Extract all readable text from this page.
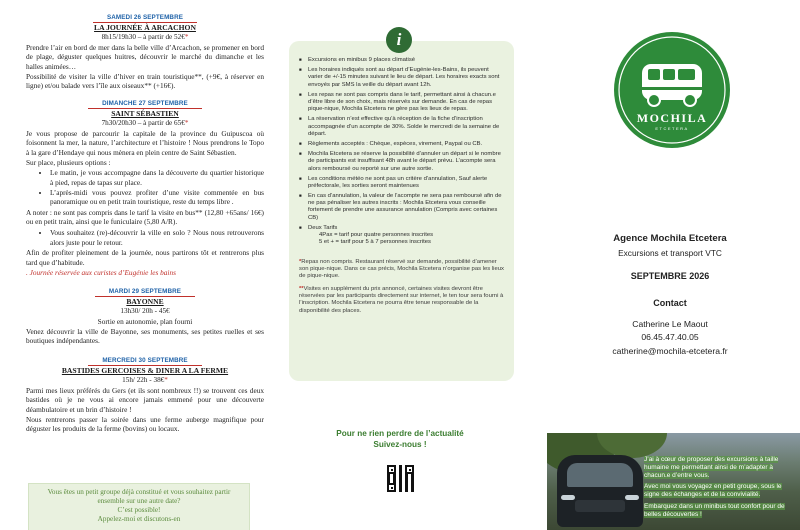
SAMEDI 26 SEPTEMBRE
LA JOURNÉE À ARCACHON
8h15/19h30 – à partir de 52€*

Prendre l’air en bord de mer dans la belle ville d’Arcachon, se promener en bord de plage, déguster quelques huitres, découvrir le marché du dimanche et les halles animées…

Possibilité de visiter la ville d’hiver en train touristique**, (+9€, à réserver en ligne) et/ou balade vers l’île aux oiseaux** (+16€).

DIMANCHE 27 SEPTEMBRE
SAINT SÉBASTIEN
7h30/20h30 – à partir de 65€*

Je vous propose de parcourir la capitale de la province du Guipuscoa où foisonnent la mer, la nature, l’architecture et l’histoire ! Nous prendrons le Topo à la gare d’Hendaye qui nous mènera en plein centre de Saint Sébastien.

Sur place, plusieurs options :

• Le matin, je vous accompagne dans la découverte du quartier historique à pied, repas de tapas sur place.
• L’après-midi vous pouvez profiter d’une visite commentée en bus panoramique ou en petit train touristique, reste du temps libre .

A noter : ne sont pas compris dans le tarif la visite en bus** (12,80 +65ans/ 16€) ou en petit train, ainsi que le funiculaire (5,80 A/R).

• Vous souhaitez (re)-découvrir la ville en solo ? Nous nous retrouverons alors juste pour le retour.

Afin de profiter pleinement de la journée, nous partirons tôt et rentrerons plus tard que d’habitude.

. Journée réservée aux curistes d’Eugénie les bains

MARDI 29 SEPTEMBRE
BAYONNE
13h30/ 20h - 45€

Sortie en autonomie, plan fourni

Venez découvrir la ville de Bayonne, ses monuments, ses petites ruelles et ses boutiques indépendantes.

MERCREDI 30 SEPTEMBRE
BASTIDES GERCOISES & DINER A LA FERME
15h/ 22h - 38€*

Parmi mes lieux préférés du Gers (et ils sont nombreux !!) se trouvent ces deux bastides où je ne vous ai encore jamais emmené pour une découverte déambulatoire et un brin d’histoire !

Nous rentrerons passer la soirée dans une ferme auberge magnifique pour déguster les produits de la ferme (bovins) ou locaux.

Vous êtes un petit groupe déjà constitué et vous souhaitez partir
ensemble sur une autre date?
C’est possible!
Appelez-moi et discutons-en
i
■ Excursions en minibus 9 places climatisé
■ Les horaires indiqués sont au départ d’Eugénie-les-Bains, ils peuvent varier de +/-15 minutes suivant le lieu de départ. Les horaires exacts sont envoyés par SMS la veille du départ avant 12h.
■ Les repas ne sont pas compris dans le tarif, permettant ainsi à chacun.e d’être libre de son choix, mais réservés sur demande. En cas de repas pique-nique, Mochila Etcetera ne gère pas les lieux de repas.
■ La réservation n’est effective qu’à réception de la fiche d’inscription accompagnée d’un acompte de 30%. Solde le mercredi de la semaine de départ.
■ Règlements acceptés : Chèque, espèces, virement, Paypal ou CB.
■ Mochila Etcetera se réserve la possibilité d’annuler un départ si le nombre de participants est insuffisant 48h avant le départ prévu. L’acompte sera alors remboursé ou reporté sur une autre sortie.
■ Les conditions météo ne sont pas un critère d’annulation, Sauf alerte préfectorale, les sorties seront maintenues
■ En cas d’annulation, la valeur de l’acompte ne sera pas remboursé afin de ne pas pénaliser les autres inscrits : Mochila Etcetera vous conseille fortement de prendre une assurance annulation (Compris avec certaines CB)
■ Deux Tarifs
4Pax = tarif pour quatre personnes inscrites
5 et + = tarif pour 5 à 7 personnes inscrites
*Repas non compris. Restaurant réservé sur demande, possibilité d’amener son pique-nique. Dans ce cas précis, Mochila Etcetera n’organise pas les lieux de pique-nique.
**Visites en supplément du prix annoncé, certaines visites devront être réservées par les participants directement sur internet, le ten tour sera fourni à l’inscription. Mochila Etcetera ne pourra être tenue responsable de la disponibilité des places.
Pour ne rien perdre de l’actualité
Suivez-nous !
MOCHILA
ETCETERA
Agence Mochila Etcetera
Excursions et transport VTC
SEPTEMBRE 2026
Contact
Catherine Le Maout
06.45.47.40.05
catherine@mochila-etcetera.fr

J’ai à cœur de proposer des excursions à taille humaine me permettant ainsi de m’adapter à chacun.e d’entre vous.

Avec moi vous voyagez en petit groupe, sous le signe des échanges et de la convivialité.

Embarquez dans un minibus tout confort pour de belles découvertes !
